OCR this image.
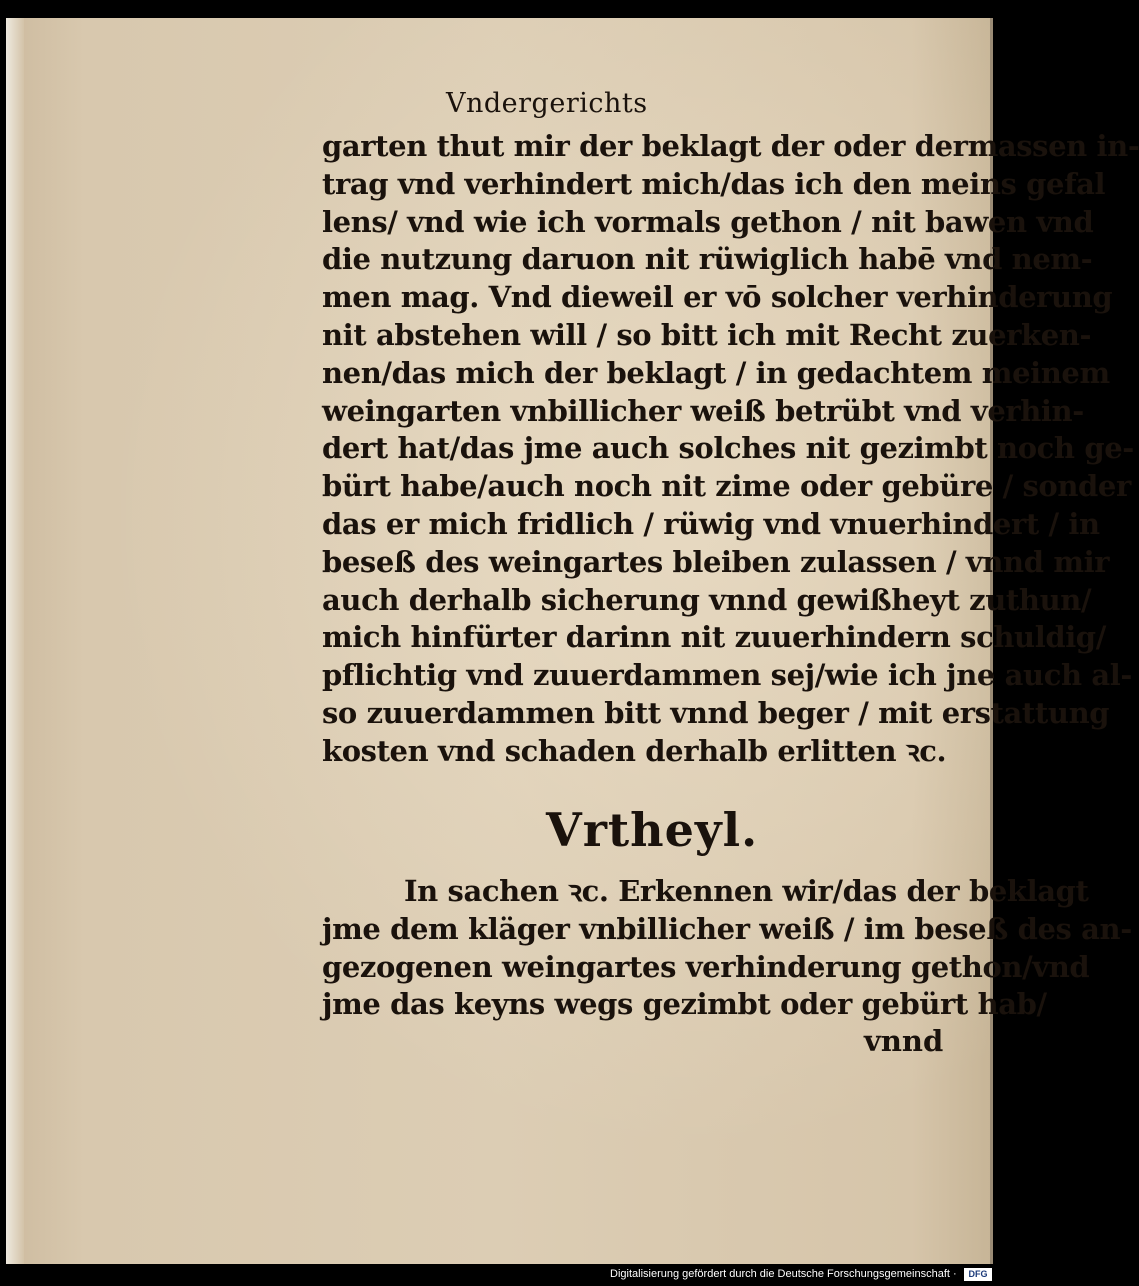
Vndergerichts
garten thut mir der beklagt der oder dermassen in-
trag vnd verhindert mich/das ich den meins gefal
lens/ vnd wie ich vormals gethon / nit bawen vnd
die nutzung daruon nit rüwiglich habē vnd nem-
men mag. Vnd dieweil er vō solcher verhinderung
nit abstehen will / so bitt ich mit Recht zuerken-
nen/das mich der beklagt / in gedachtem meinem
weingarten vnbillicher weiß betrübt vnd verhin-
dert hat/das jme auch solches nit gezimbt noch ge-
bürt habe/auch noch nit zime oder gebüre / sonder
das er mich fridlich / rüwig vnd vnuerhindert / in
beseß des weingartes bleiben zulassen / vnnd mir
auch derhalb sicherung vnnd gewißheyt zuthun/
mich hinfürter darinn nit zuuerhindern schuldig/
pflichtig vnd zuuerdammen sej/wie ich jne auch al-
so zuuerdammen bitt vnnd beger / mit erstattung
kosten vnd schaden derhalb erlitten ꝛc.
Vrtheyl.
In sachen ꝛc. Erkennen wir/das der beklagt
jme dem kläger vnbillicher weiß / im beseß des an-
gezogenen weingartes verhinderung gethon/vnd
jme das keyns wegs gezimbt oder gebürt hab/
vnnd
Digitalisierung gefördert durch die Deutsche Forschungsgemeinschaft ·	DFG
